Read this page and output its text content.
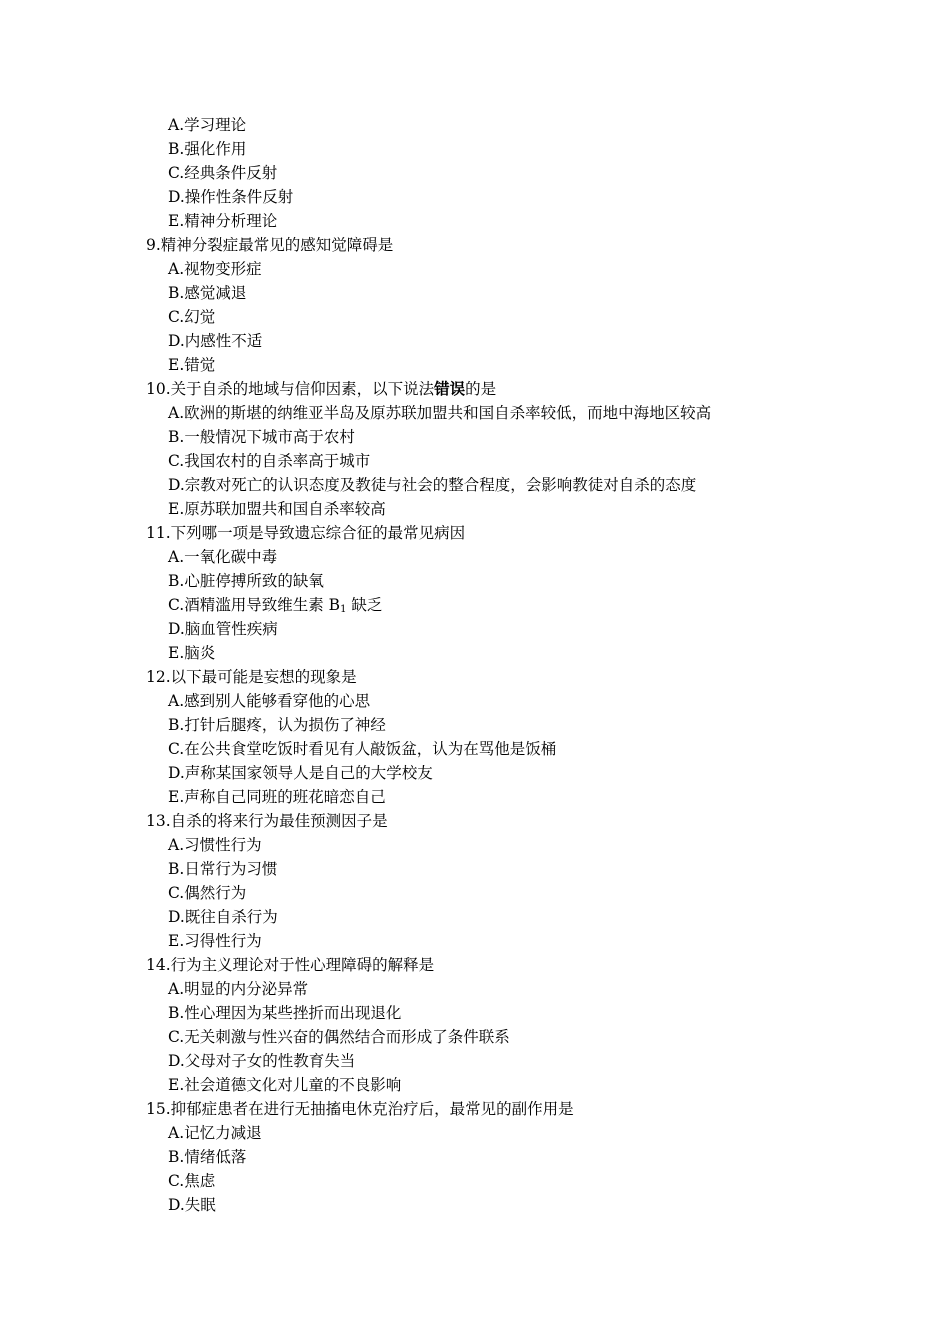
A.学习理论
B.强化作用
C.经典条件反射
D.操作性条件反射
E.精神分析理论
9.精神分裂症最常见的感知觉障碍是
A.视物变形症
B.感觉减退
C.幻觉
D.内感性不适
E.错觉
10.关于自杀的地域与信仰因素，以下说法错误的是
A.欧洲的斯堪的纳维亚半岛及原苏联加盟共和国自杀率较低，而地中海地区较高
B.一般情况下城市高于农村
C.我国农村的自杀率高于城市
D.宗教对死亡的认识态度及教徒与社会的整合程度，会影响教徒对自杀的态度
E.原苏联加盟共和国自杀率较高
11.下列哪一项是导致遗忘综合征的最常见病因
A.一氧化碳中毒
B.心脏停搏所致的缺氧
C.酒精滥用导致维生素 $B_1$ 缺乏
D.脑血管性疾病
E.脑炎
12.以下最可能是妄想的现象是
A.感到别人能够看穿他的心思
B.打针后腿疼，认为损伤了神经
C.在公共食堂吃饭时看见有人敲饭盆，认为在骂他是饭桶
D.声称某国家领导人是自己的大学校友
E.声称自己同班的班花暗恋自己
13.自杀的将来行为最佳预测因子是
A.习惯性行为
B.日常行为习惯
C.偶然行为
D.既往自杀行为
E.习得性行为
14.行为主义理论对于性心理障碍的解释是
A.明显的内分泌异常
B.性心理因为某些挫折而出现退化
C.无关刺激与性兴奋的偶然结合而形成了条件联系
D.父母对子女的性教育失当
E.社会道德文化对儿童的不良影响
15.抑郁症患者在进行无抽搐电休克治疗后，最常见的副作用是
A.记忆力减退
B.情绪低落
C.焦虑
D.失眠
